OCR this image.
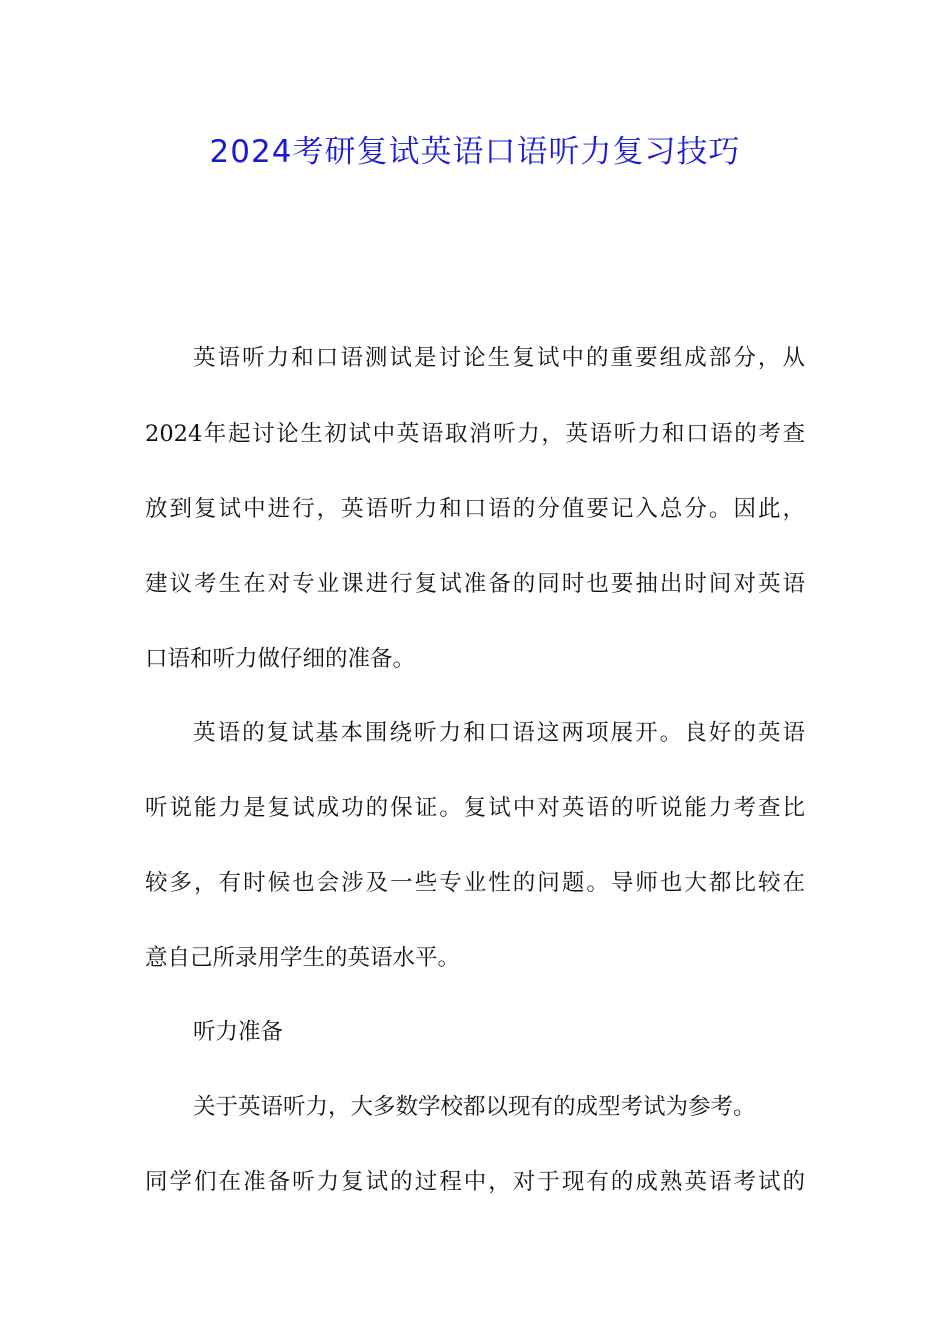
2024考研复试英语口语听力复习技巧
英语听力和口语测试是讨论生复试中的重要组成部分，从
2024年起讨论生初试中英语取消听力，英语听力和口语的考查
放到复试中进行，英语听力和口语的分值要记入总分。因此，
建议考生在对专业课进行复试准备的同时也要抽出时间对英语
口语和听力做仔细的准备。
英语的复试基本围绕听力和口语这两项展开。良好的英语
听说能力是复试成功的保证。复试中对英语的听说能力考查比
较多，有时候也会涉及一些专业性的问题。导师也大都比较在
意自己所录用学生的英语水平。
听力准备
关于英语听力，大多数学校都以现有的成型考试为参考。
同学们在准备听力复试的过程中，对于现有的成熟英语考试的
